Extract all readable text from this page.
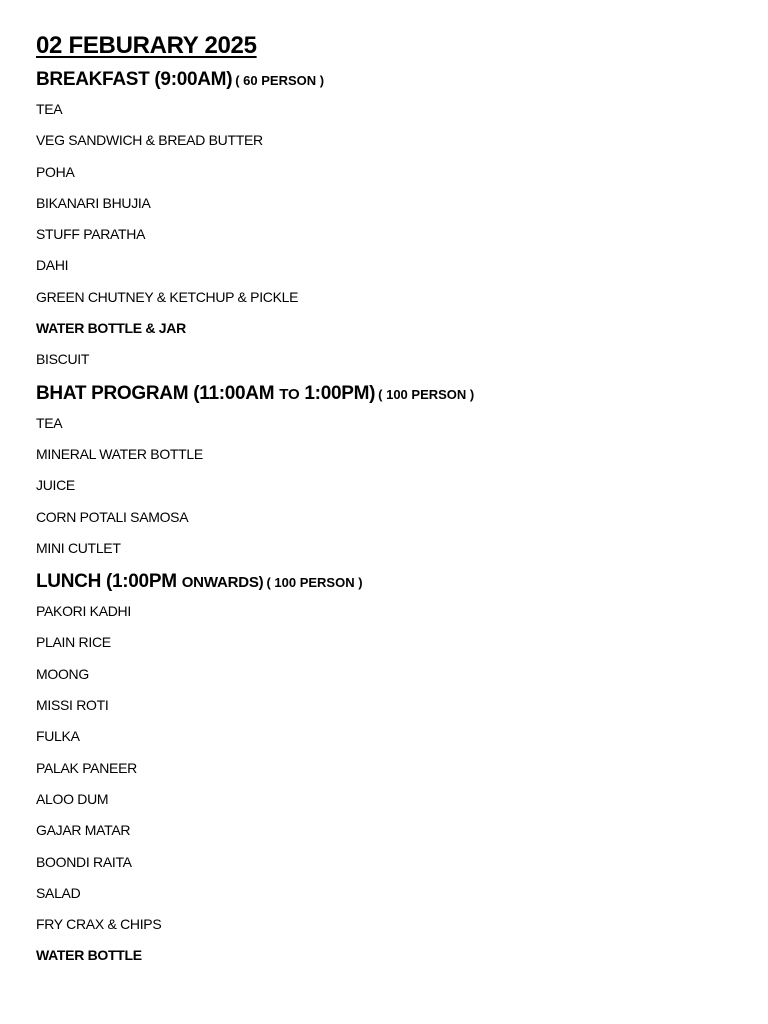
02 FEBURARY 2025
BREAKFAST (9:00AM) ( 60 PERSON )
TEA
VEG SANDWICH & BREAD BUTTER
POHA
BIKANARI BHUJIA
STUFF PARATHA
DAHI
GREEN CHUTNEY & KETCHUP & PICKLE
WATER BOTTLE & JAR
BISCUIT
BHAT PROGRAM (11:00AM TO 1:00PM) ( 100 PERSON )
TEA
MINERAL WATER BOTTLE
JUICE
CORN POTALI SAMOSA
MINI CUTLET
LUNCH (1:00PM ONWARDS) ( 100 PERSON )
PAKORI KADHI
PLAIN RICE
MOONG
MISSI ROTI
FULKA
PALAK PANEER
ALOO DUM
GAJAR MATAR
BOONDI RAITA
SALAD
FRY CRAX & CHIPS
WATER BOTTLE
